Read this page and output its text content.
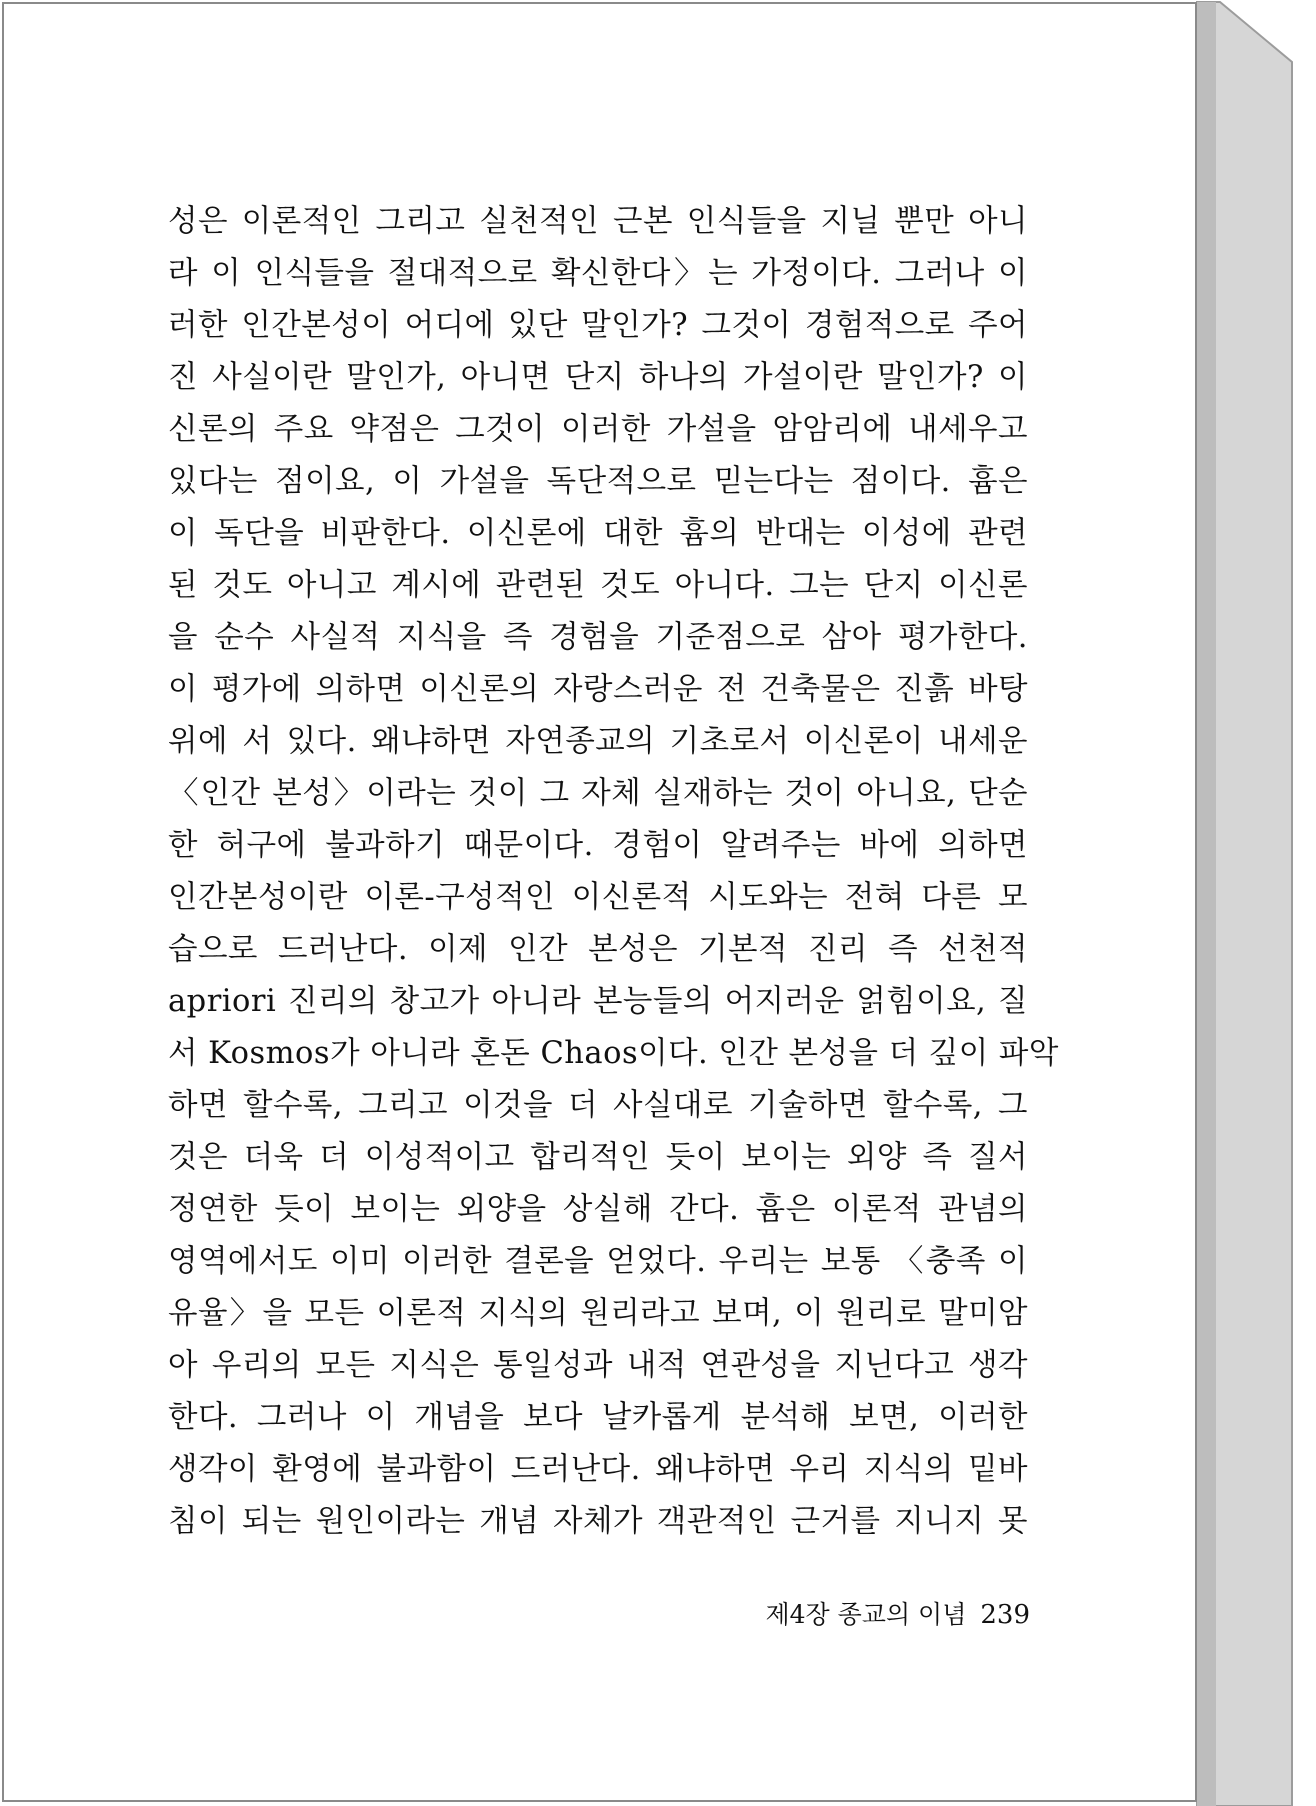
성은 이론적인 그리고 실천적인 근본 인식들을 지닐 뿐만 아니
라 이 인식들을 절대적으로 확신한다〉는 가정이다. 그러나 이
러한 인간본성이 어디에 있단 말인가? 그것이 경험적으로 주어
진 사실이란 말인가, 아니면 단지 하나의 가설이란 말인가? 이
신론의 주요 약점은 그것이 이러한 가설을 암암리에 내세우고
있다는 점이요, 이 가설을 독단적으로 믿는다는 점이다. 흄은
이 독단을 비판한다. 이신론에 대한 흄의 반대는 이성에 관련
된 것도 아니고 계시에 관련된 것도 아니다. 그는 단지 이신론
을 순수 사실적 지식을 즉 경험을 기준점으로 삼아 평가한다.
이 평가에 의하면 이신론의 자랑스러운 전 건축물은 진흙 바탕
위에 서 있다. 왜냐하면 자연종교의 기초로서 이신론이 내세운
〈인간 본성〉이라는 것이 그 자체 실재하는 것이 아니요, 단순
한 허구에 불과하기 때문이다. 경험이 알려주는 바에 의하면
인간본성이란 이론-구성적인 이신론적 시도와는 전혀 다른 모
습으로 드러난다. 이제 인간 본성은 기본적 진리 즉 선천적
apriori 진리의 창고가 아니라 본능들의 어지러운 얽힘이요, 질
서 Kosmos가 아니라 혼돈 Chaos이다. 인간 본성을 더 깊이 파악
하면 할수록, 그리고 이것을 더 사실대로 기술하면 할수록, 그
것은 더욱 더 이성적이고 합리적인 듯이 보이는 외양 즉 질서
정연한 듯이 보이는 외양을 상실해 간다. 흄은 이론적 관념의
영역에서도 이미 이러한 결론을 얻었다. 우리는 보통 〈충족 이
유율〉을 모든 이론적 지식의 원리라고 보며, 이 원리로 말미암
아 우리의 모든 지식은 통일성과 내적 연관성을 지닌다고 생각
한다. 그러나 이 개념을 보다 날카롭게 분석해 보면, 이러한
생각이 환영에 불과함이 드러난다. 왜냐하면 우리 지식의 밑바
침이 되는 원인이라는 개념 자체가 객관적인 근거를 지니지 못
제4장 종교의 이념 239
